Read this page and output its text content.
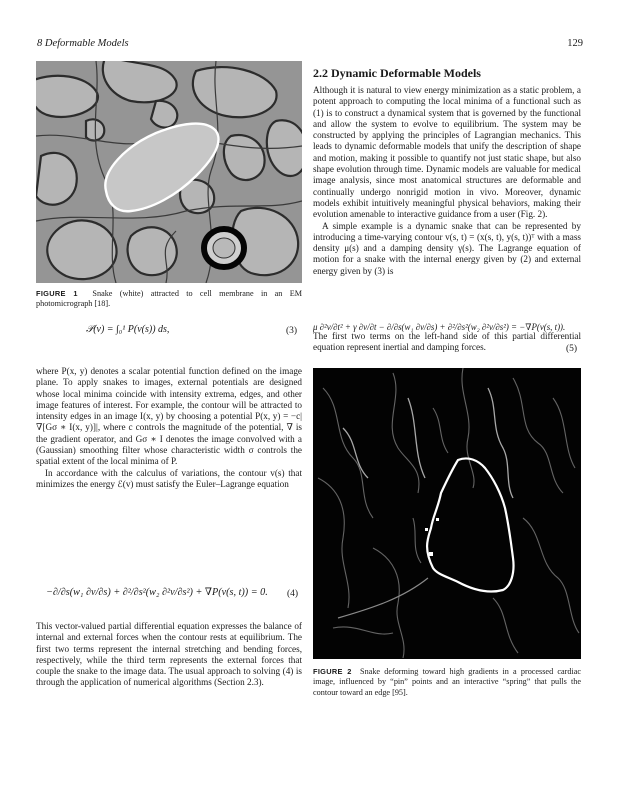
8 Deformable Models	129

FIGURE 1 Snake (white) attracted to cell membrane in an EM photomicrograph [18].

𝒫(v) = ∫₀¹ P(v(s)) ds,	(3)

where P(x, y) denotes a scalar potential function defined on the image plane. To apply snakes to images, external potentials are designed whose local minima coincide with intensity extrema, edges, and other image features of interest. For example, the contour will be attracted to intensity edges in an image I(x, y) by choosing a potential P(x, y) = −c|∇[Gσ ∗ I(x, y)]|, where c controls the magnitude of the potential, ∇ is the gradient operator, and Gσ ∗ I denotes the image convolved with a (Gaussian) smoothing filter whose characteristic width σ controls the spatial extent of the local minima of P.

In accordance with the calculus of variations, the contour v(s) that minimizes the energy ℰ(v) must satisfy the Euler–Lagrange equation

−∂/∂s(w₁ ∂v/∂s) + ∂²/∂s²(w₂ ∂²v/∂s²) + ∇P(v(s, t)) = 0. (4)

This vector-valued partial differential equation expresses the balance of internal and external forces when the contour rests at equilibrium. The first two terms represent the internal stretching and bending forces, respectively, while the third term represents the external forces that couple the snake to the image data. The usual approach to solving (4) is through the application of numerical algorithms (Section 2.3).

2.2 Dynamic Deformable Models

Although it is natural to view energy minimization as a static problem, a potent approach to computing the local minima of a functional such as (1) is to construct a dynamical system that is governed by the functional and allow the system to evolve to equilibrium. The system may be constructed by applying the principles of Lagrangian mechanics. This leads to dynamic deformable models that unify the description of shape and motion, making it possible to quantify not just static shape, but also shape evolution through time. Dynamic models are valuable for medical image analysis, since most anatomical structures are deformable and continually undergo nonrigid motion in vivo. Moreover, dynamic models exhibit intuitively meaningful physical behaviors, making their evolution amenable to interactive guidance from a user (Fig. 2).

A simple example is a dynamic snake that can be represented by introducing a time-varying contour v(s, t) = (x(s, t), y(s, t))ᵀ with a mass density μ(s) and a damping density γ(s). The Lagrange equation of motion for a snake with the internal energy given by (2) and external energy given by (3) is

μ ∂²v/∂t² + γ ∂v/∂t − ∂/∂s(w₁ ∂v/∂s) + ∂²/∂s²(w₂ ∂²v/∂s²) = −∇P(v(s, t)).
(5)

The first two terms on the left-hand side of this partial differential equation represent inertial and damping forces.

FIGURE 2 Snake deforming toward high gradients in a processed cardiac image, influenced by “pin” points and an interactive “spring” that pulls the contour toward an edge [95].
